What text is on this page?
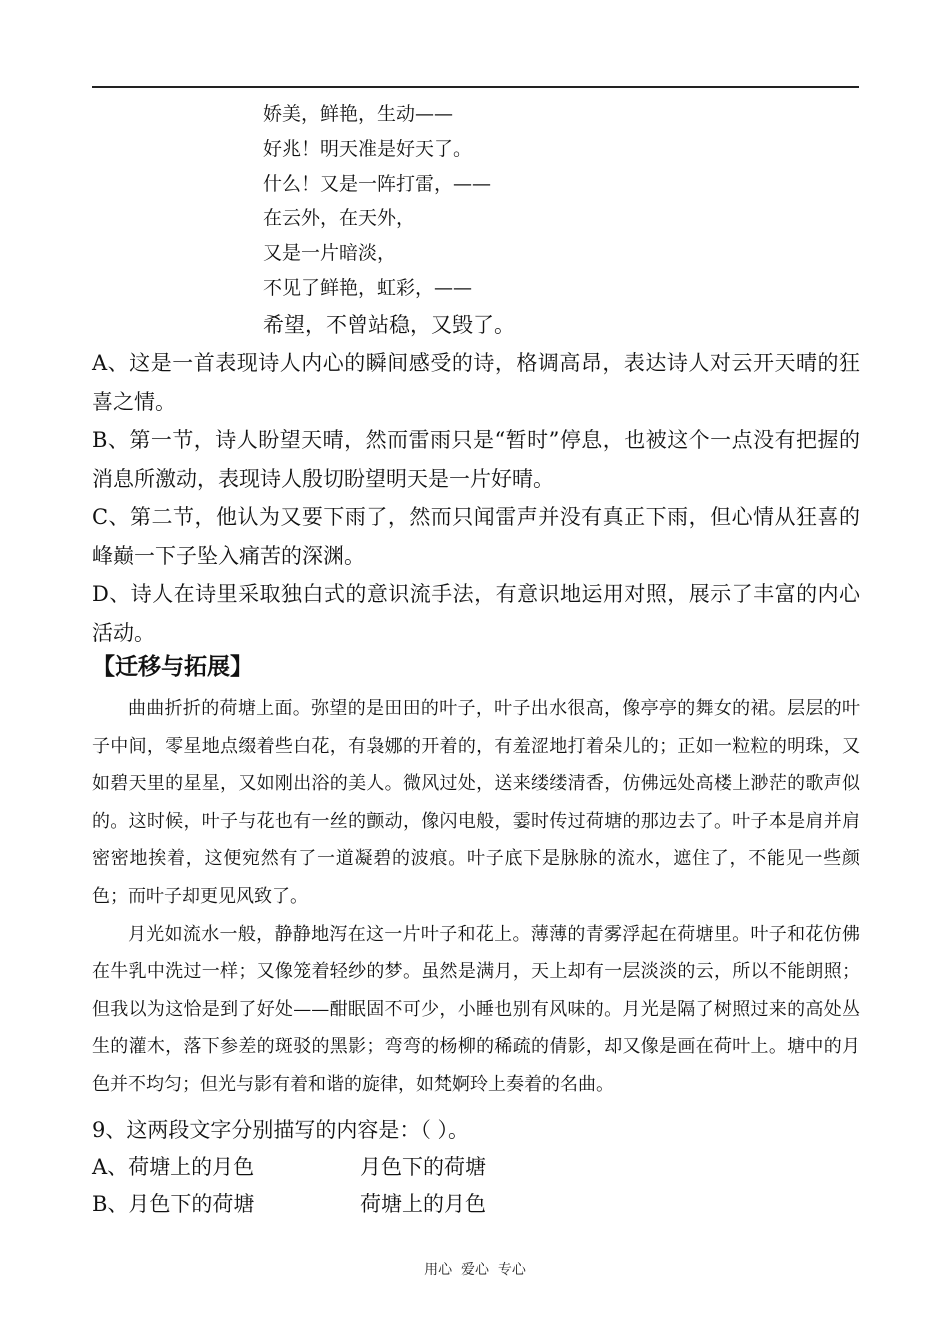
娇美，鲜艳，生动——
好兆！明天准是好天了。
什么！又是一阵打雷，——
在云外，在天外，
又是一片暗淡，
不见了鲜艳，虹彩，——
希望，不曾站稳，又毁了。

A、这是一首表现诗人内心的瞬间感受的诗，格调高昂，表达诗人对云开天晴的狂喜之情。

B、第一节，诗人盼望天晴，然而雷雨只是“暂时”停息，也被这个一点没有把握的消息所激动，表现诗人殷切盼望明天是一片好晴。

C、第二节，他认为又要下雨了，然而只闻雷声并没有真正下雨，但心情从狂喜的峰巅一下子坠入痛苦的深渊。

D、诗人在诗里采取独白式的意识流手法，有意识地运用对照，展示了丰富的内心活动。

【迁移与拓展】

曲曲折折的荷塘上面。弥望的是田田的叶子，叶子出水很高，像亭亭的舞女的裙。层层的叶子中间，零星地点缀着些白花，有袅娜的开着的，有羞涩地打着朵儿的；正如一粒粒的明珠，又如碧天里的星星，又如刚出浴的美人。微风过处，送来缕缕清香，仿佛远处高楼上渺茫的歌声似的。这时候，叶子与花也有一丝的颤动，像闪电般，霎时传过荷塘的那边去了。叶子本是肩并肩密密地挨着，这便宛然有了一道凝碧的波痕。叶子底下是脉脉的流水，遮住了，不能见一些颜色；而叶子却更见风致了。

月光如流水一般，静静地泻在这一片叶子和花上。薄薄的青雾浮起在荷塘里。叶子和花仿佛在牛乳中洗过一样；又像笼着轻纱的梦。虽然是满月，天上却有一层淡淡的云，所以不能朗照；但我以为这恰是到了好处——酣眠固不可少，小睡也别有风味的。月光是隔了树照过来的高处丛生的灌木，落下参差的斑驳的黑影；弯弯的杨柳的稀疏的倩影，却又像是画在荷叶上。塘中的月色并不均匀；但光与影有着和谐的旋律，如梵婀玲上奏着的名曲。

9、这两段文字分别描写的内容是：（ ）。

A、荷塘上的月色	月色下的荷塘
B、月色下的荷塘	荷塘上的月色
用心  爱心  专心
